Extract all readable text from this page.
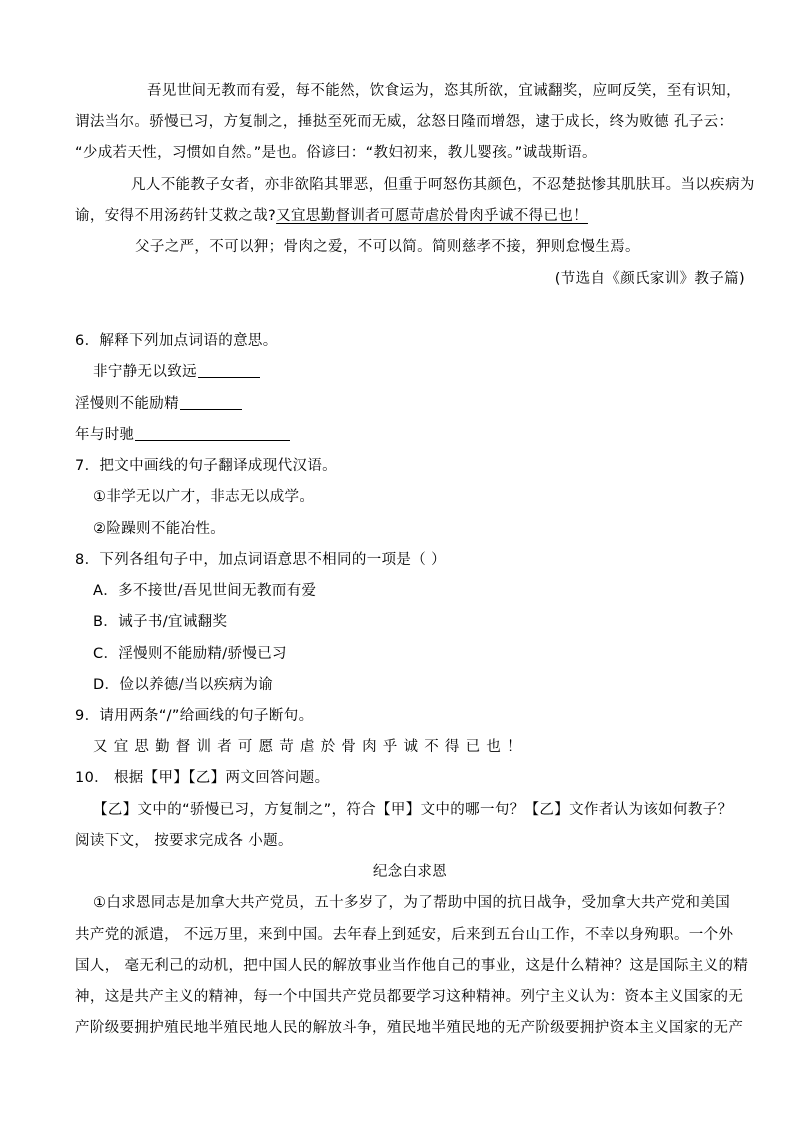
吾见世间无教而有爱，每不能然，饮食运为，恣其所欲，宜诫翻奖，应呵反笑，至有识知，
谓法当尔。骄慢已习，方复制之，捶挞至死而无威，忿怒日隆而增怨，逮于成长，终为败德 孔子云：
“少成若天性，习惯如自然。”是也。俗谚曰：“教妇初来，教儿婴孩。”诚哉斯语。
凡人不能教子女者，亦非欲陷其罪恶，但重于呵怒伤其颜色，不忍楚挞惨其肌肤耳。当以疾病为
谕，安得不用汤药针艾救之哉?又宜思勤督训者可愿苛虐於骨肉乎诚不得已也！
父子之严，不可以狎；骨肉之爱，不可以简。简则慈孝不接，狎则怠慢生焉。
(节选自《颜氏家训》教子篇)
6．解释下列加点词语的意思。
非宁静无以致远
淫慢则不能励精
年与时驰
7．把文中画线的句子翻译成现代汉语。
①非学无以广才，非志无以成学。
②险躁则不能冶性。
8．下列各组句子中，加点词语意思不相同的一项是（ ）
A．多不接世/吾见世间无教而有爱
B．诫子书/宜诫翻奖
C．淫慢则不能励精/骄慢已习
D．俭以养德/当以疾病为谕
9．请用两条“/”给画线的句子断句。
又宜思勤督训者可愿苛虐於骨肉乎诚不得已也！
10． 根据【甲】【乙】两文回答问题。
【乙】文中的“骄慢已习，方复制之”，符合【甲】文中的哪一句？【乙】文作者认为该如何教子？
阅读下文， 按要求完成各 小题。
纪念白求恩
①白求恩同志是加拿大共产党员，五十多岁了，为了帮助中国的抗日战争，受加拿大共产党和美国
共产党的派遣， 不远万里，来到中国。去年春上到延安，后来到五台山工作，不幸以身殉职。一个外
国人， 毫无利己的动机，把中国人民的解放事业当作他自己的事业，这是什么精神？这是国际主义的精
神，这是共产主义的精神，每一个中国共产党员都要学习这种精神。列宁主义认为：资本主义国家的无
产阶级要拥护殖民地半殖民地人民的解放斗争，殖民地半殖民地的无产阶级要拥护资本主义国家的无产
